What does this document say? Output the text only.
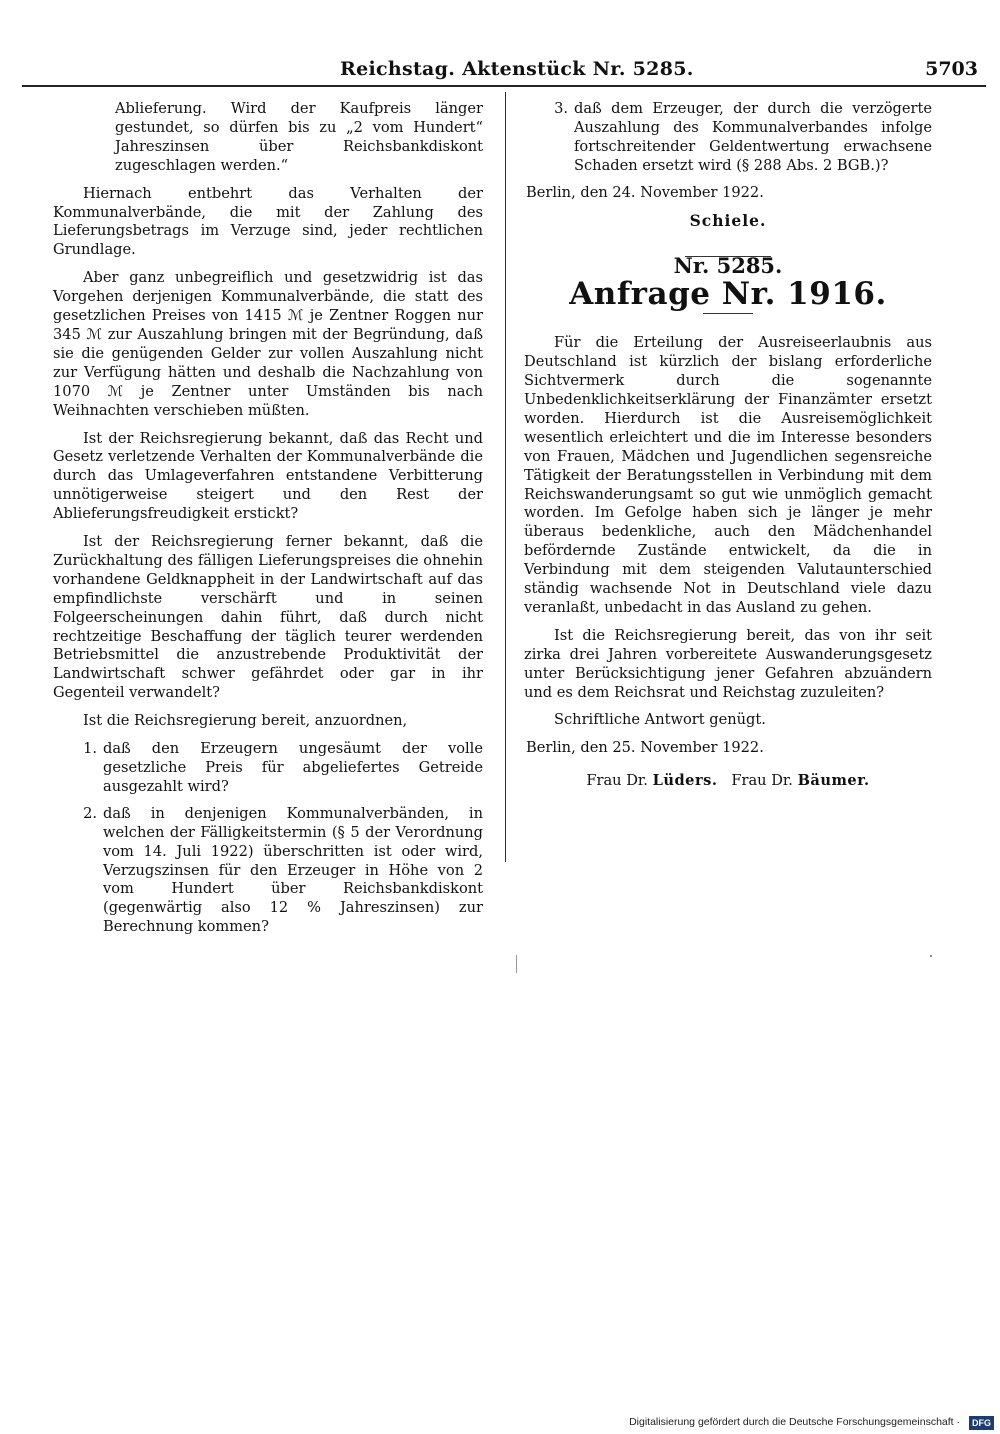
Reichstag. Aktenstück Nr. 5285.	5703

Ablieferung. Wird der Kaufpreis länger gestundet, so dürfen bis zu „2 vom Hundert“ Jahreszinsen über Reichsbankdiskont zugeschlagen werden.“

Hiernach entbehrt das Verhalten der Kommunalverbände, die mit der Zahlung des Lieferungsbetrags im Verzuge sind, jeder rechtlichen Grundlage.

Aber ganz unbegreiflich und gesetzwidrig ist das Vorgehen derjenigen Kommunalverbände, die statt des gesetzlichen Preises von 1415 ℳ je Zentner Roggen nur 345 ℳ zur Auszahlung bringen mit der Begründung, daß sie die genügenden Gelder zur vollen Auszahlung nicht zur Verfügung hätten und deshalb die Nachzahlung von 1070 ℳ je Zentner unter Umständen bis nach Weihnachten verschieben müßten.

Ist der Reichsregierung bekannt, daß das Recht und Gesetz verletzende Verhalten der Kommunalverbände die durch das Umlageverfahren entstandene Verbitterung unnötigerweise steigert und den Rest der Ablieferungsfreudigkeit erstickt?

Ist der Reichsregierung ferner bekannt, daß die Zurückhaltung des fälligen Lieferungspreises die ohnehin vorhandene Geldknappheit in der Landwirtschaft auf das empfindlichste verschärft und in seinen Folgeerscheinungen dahin führt, daß durch nicht rechtzeitige Beschaffung der täglich teurer werdenden Betriebsmittel die anzustrebende Produktivität der Landwirtschaft schwer gefährdet oder gar in ihr Gegenteil verwandelt?

Ist die Reichsregierung bereit, anzuordnen,

1. daß den Erzeugern ungesäumt der volle gesetzliche Preis für abgeliefertes Getreide ausgezahlt wird?
2. daß in denjenigen Kommunalverbänden, in welchen der Fälligkeitstermin (§ 5 der Verordnung vom 14. Juli 1922) überschritten ist oder wird, Verzugszinsen für den Erzeuger in Höhe von 2 vom Hundert über Reichsbankdiskont (gegenwärtig also 12 % Jahreszinsen) zur Berechnung kommen?
3. daß dem Erzeuger, der durch die verzögerte Auszahlung des Kommunalverbandes infolge fortschreitender Geldentwertung erwachsene Schaden ersetzt wird (§ 288 Abs. 2 BGB.)?

Berlin, den 24. November 1922.

Schiele.

Nr. 5285.

Anfrage Nr. 1916.

Für die Erteilung der Ausreiseerlaubnis aus Deutschland ist kürzlich der bislang erforderliche Sichtvermerk durch die sogenannte Unbedenklichkeitserklärung der Finanzämter ersetzt worden. Hierdurch ist die Ausreisemöglichkeit wesentlich erleichtert und die im Interesse besonders von Frauen, Mädchen und Jugendlichen segensreiche Tätigkeit der Beratungsstellen in Verbindung mit dem Reichswanderungsamt so gut wie unmöglich gemacht worden. Im Gefolge haben sich je länger je mehr überaus bedenkliche, auch den Mädchenhandel befördernde Zustände entwickelt, da die in Verbindung mit dem steigenden Valutaunterschied ständig wachsende Not in Deutschland viele dazu veranlaßt, unbedacht in das Ausland zu gehen.

Ist die Reichsregierung bereit, das von ihr seit zirka drei Jahren vorbereitete Auswanderungsgesetz unter Berücksichtigung jener Gefahren abzuändern und es dem Reichsrat und Reichstag zuzuleiten?

Schriftliche Antwort genügt.

Berlin, den 25. November 1922.

Frau Dr. Lüders. Frau Dr. Bäumer.

Digitalisierung gefördert durch die Deutsche Forschungsgemeinschaft ·	DFG
